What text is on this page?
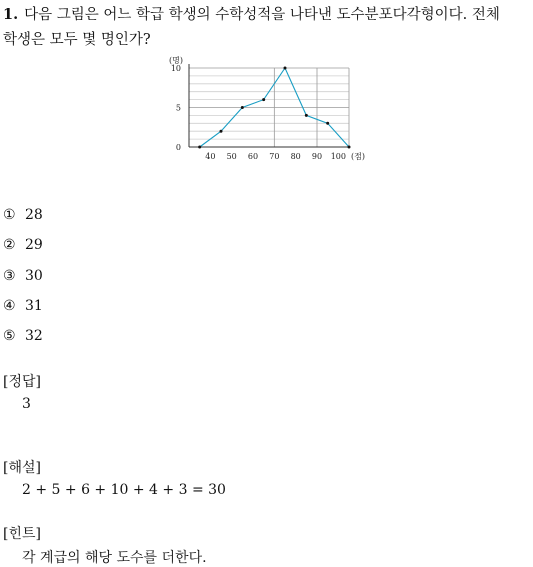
1. 다음 그림은 어느 학급 학생의 수학성적을 나타낸 도수분포다각형이다. 전체
학생은 모두 몇 명인가?
0
5
10
40 50 60 70 80 90 100
(명)
(점)
① 28
② 29
③ 30
④ 31
⑤ 32
[정답]
3
[해설]
2 + 5 + 6 + 10 + 4 + 3 = 30
[힌트]
각 계급의 해당 도수를 더한다.
